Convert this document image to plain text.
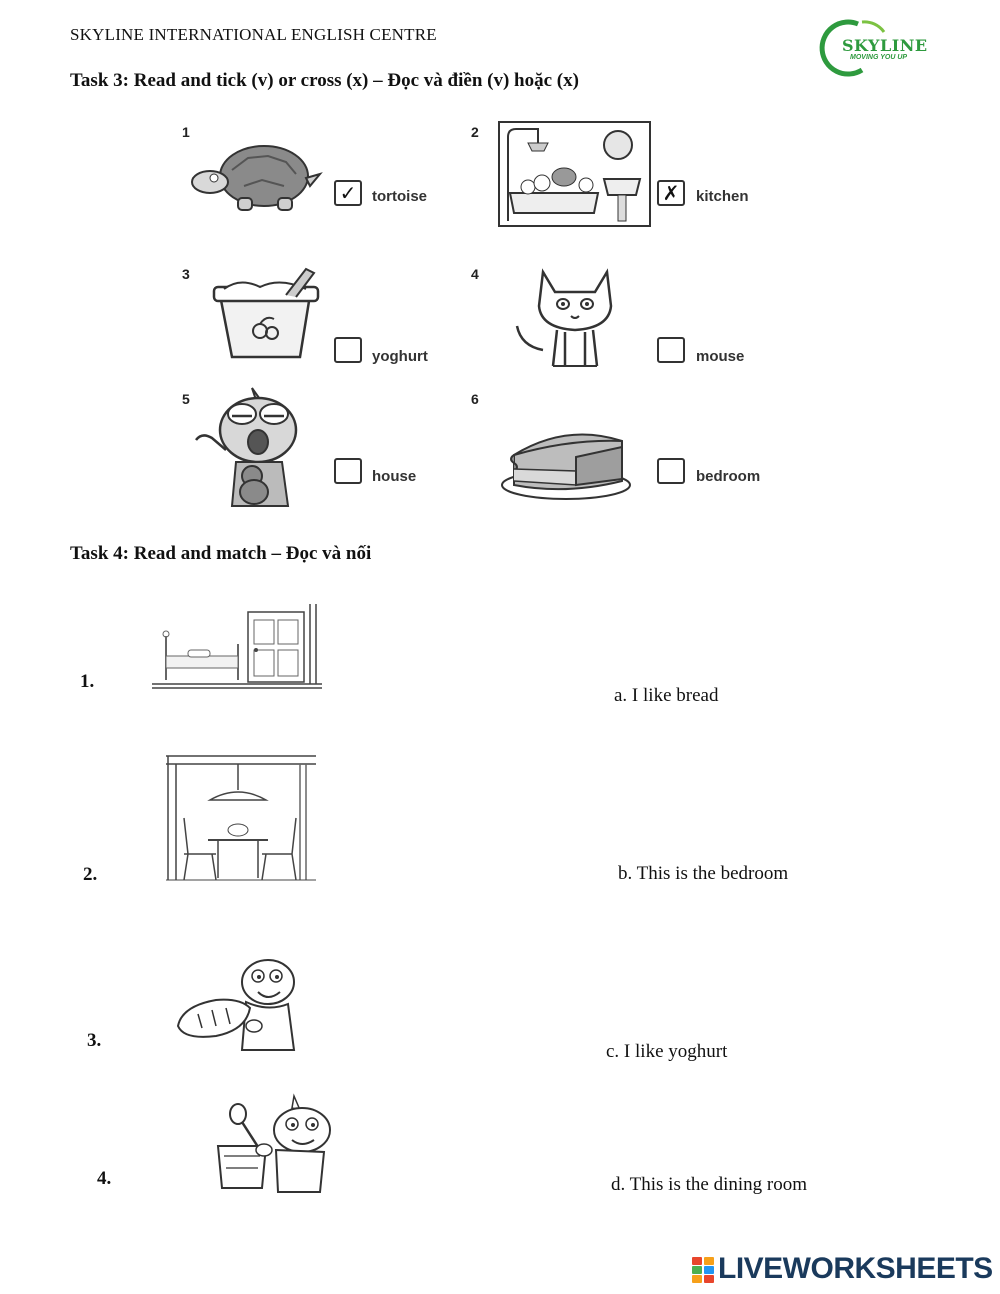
SKYLINE INTERNATIONAL ENGLISH CENTRE
SKYLINE
MOVING YOU UP
Task 3: Read and tick (v) or cross (x) – Đọc và điền (v) hoặc (x)
1
✓	tortoise
2
✗	kitchen
3
yoghurt
4
mouse
5
house
6
bedroom
Task 4: Read and match – Đọc và nối
1.
2.
3.
4.
a. I like bread
b. This is the bedroom
c. I like yoghurt
d. This is the dining room
LIVEWORKSHEETS
